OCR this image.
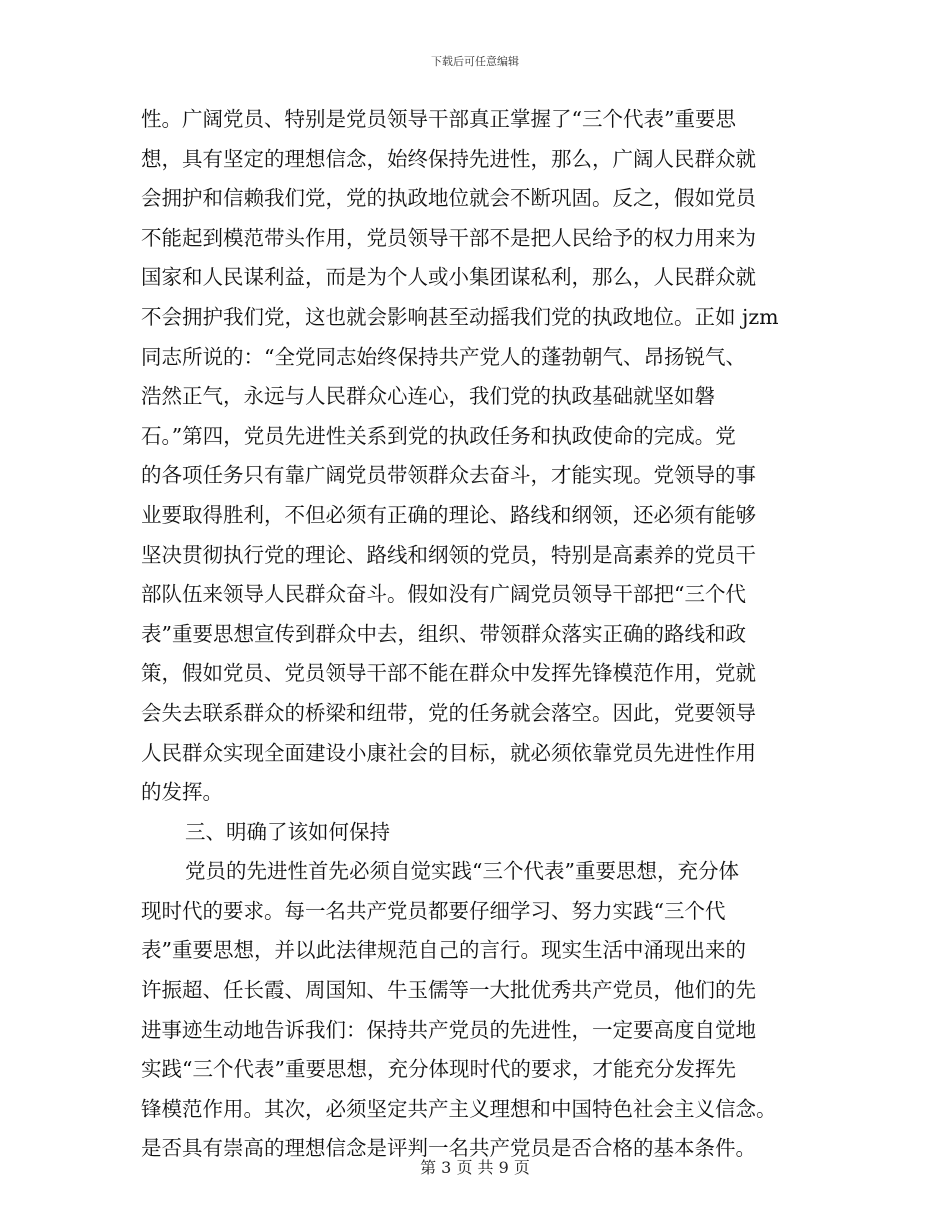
下载后可任意编辑
性。广阔党员、特别是党员领导干部真正掌握了“三个代表”重要思
想，具有坚定的理想信念，始终保持先进性，那么，广阔人民群众就
会拥护和信赖我们党，党的执政地位就会不断巩固。反之，假如党员
不能起到模范带头作用，党员领导干部不是把人民给予的权力用来为
国家和人民谋利益，而是为个人或小集团谋私利，那么，人民群众就
不会拥护我们党，这也就会影响甚至动摇我们党的执政地位。正如 jzm
同志所说的：“全党同志始终保持共产党人的蓬勃朝气、昂扬锐气、
浩然正气，永远与人民群众心连心，我们党的执政基础就坚如磐
石。”第四，党员先进性关系到党的执政任务和执政使命的完成。党
的各项任务只有靠广阔党员带领群众去奋斗，才能实现。党领导的事
业要取得胜利，不但必须有正确的理论、路线和纲领，还必须有能够
坚决贯彻执行党的理论、路线和纲领的党员，特别是高素养的党员干
部队伍来领导人民群众奋斗。假如没有广阔党员领导干部把“三个代
表”重要思想宣传到群众中去，组织、带领群众落实正确的路线和政
策，假如党员、党员领导干部不能在群众中发挥先锋模范作用，党就
会失去联系群众的桥梁和纽带，党的任务就会落空。因此，党要领导
人民群众实现全面建设小康社会的目标，就必须依靠党员先进性作用
的发挥。
三、明确了该如何保持
党员的先进性首先必须自觉实践“三个代表”重要思想，充分体
现时代的要求。每一名共产党员都要仔细学习、努力实践“三个代
表”重要思想，并以此法律规范自己的言行。现实生活中涌现出来的
许振超、任长霞、周国知、牛玉儒等一大批优秀共产党员，他们的先
进事迹生动地告诉我们：保持共产党员的先进性，一定要高度自觉地
实践“三个代表”重要思想，充分体现时代的要求，才能充分发挥先
锋模范作用。其次，必须坚定共产主义理想和中国特色社会主义信念。
是否具有崇高的理想信念是评判一名共产党员是否合格的基本条件。
第 3 页 共 9 页
